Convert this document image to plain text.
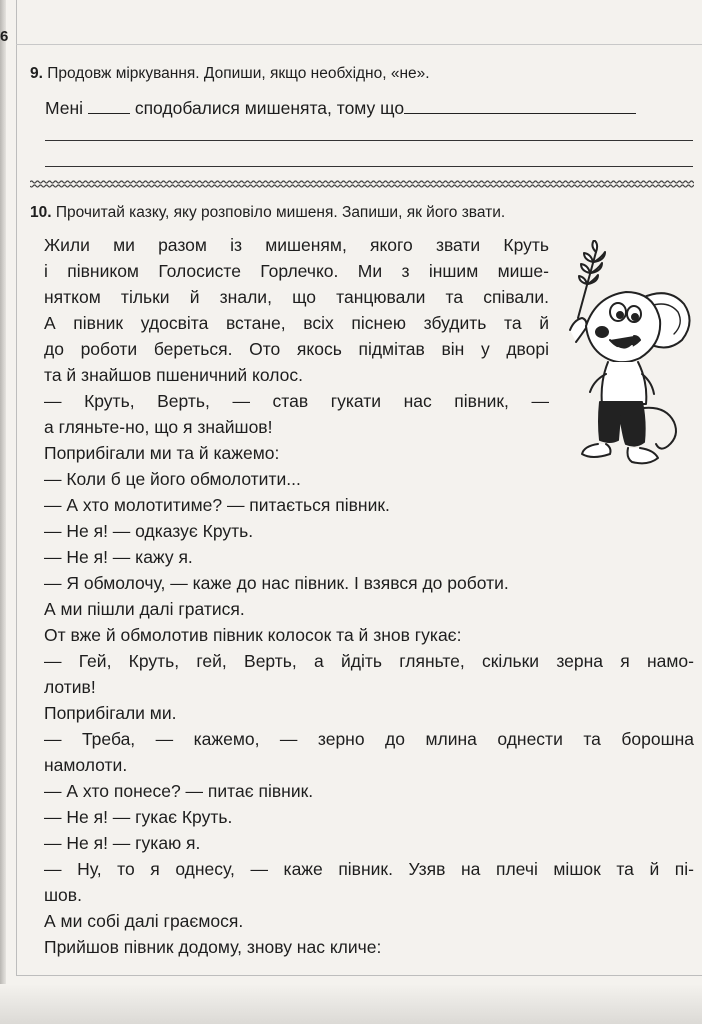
6
9. Продовж міркування. Допиши, якщо необхідно, «не».
Мені	сподобалися мишенята, тому що
10. Прочитай казку, яку розповіло мишеня. Запиши, як його звати.
Жили ми разом із мишеням, якого звати Круть
і півником Голосисте Горлечко. Ми з іншим мише-
нятком тільки й знали, що танцювали та співали.
А півник удосвіта встане, всіх піснею збудить та й
до роботи береться. Ото якось підмітав він у дворі
та й знайшов пшеничний колос.
— Круть, Верть, — став гукати нас півник, —
а гляньте-но, що я знайшов!
Поприбігали ми та й кажемо:
— Коли б це його обмолотити...
— А хто молотитиме? — питається півник.
— Не я! — одказує Круть.
— Не я! — кажу я.
— Я обмолочу, — каже до нас півник. І взявся до роботи.
А ми пішли далі гратися.
От вже й обмолотив півник колосок та й знов гукає:
— Гей, Круть, гей, Верть, а йдіть гляньте, скільки зерна я намо-
лотив!
Поприбігали ми.
— Треба, — кажемо, — зерно до млина однести та борошна
намолоти.
— А хто понесе? — питає півник.
— Не я! — гукає Круть.
— Не я! — гукаю я.
— Ну, то я однесу, — каже півник. Узяв на плечі мішок та й пі-
шов.
А ми собі далі граємося.
Прийшов півник додому, знову нас кличе:
